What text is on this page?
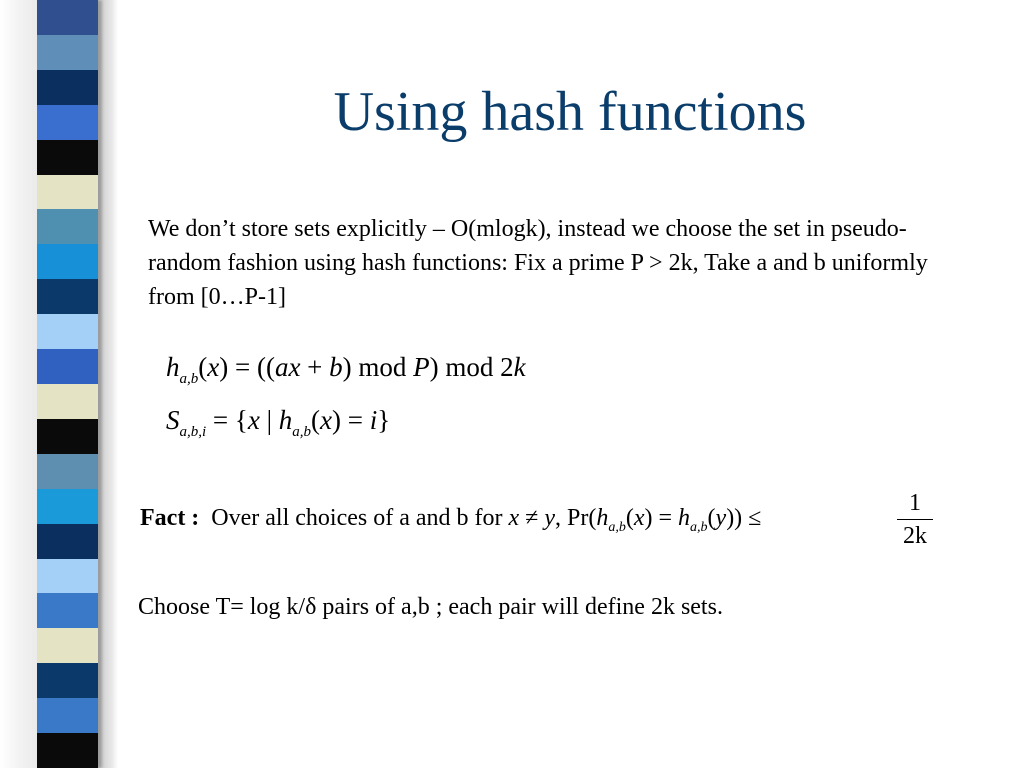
Using hash functions
We don’t store sets explicitly – O(mlogk), instead we choose the set in pseudo-random fashion using hash functions: Fix a prime P > 2k, Take a and b uniformly from [0…P-1]
$h_{a,b}(x) = ((ax + b)$ mod P) mod 2k
$S_{a,b,i} = \{x$ | $h_{a,b}(x) = i$}
Fact : Over all choices of a and b for x ≠ y, $Pr(h_{a,b}(x) = h_{a,b}(y))$ ≤
1
2k
Choose T= log k/δ pairs of a,b ; each pair will define 2k sets.
